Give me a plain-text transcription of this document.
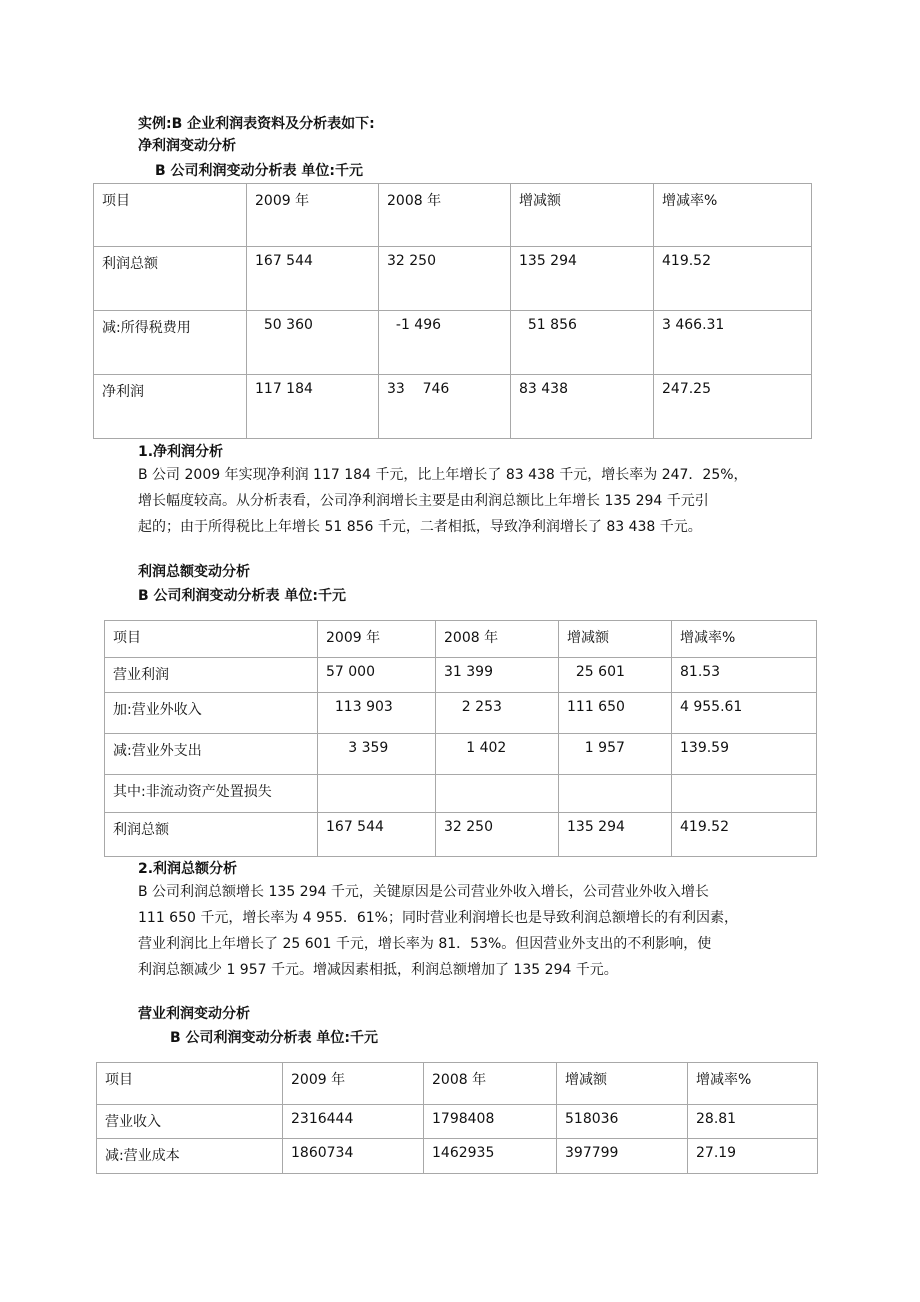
实例:B 企业利润表资料及分析表如下:
净利润变动分析
B 公司利润变动分析表 单位:千元
项目	2009 年	2008 年	增减额	增减率%
利润总额	167 544	32 250	135 294	419.52
减:所得税费用	50 360	-1 496	51 856	3 466.31
净利润	117 184	33    746	83 438	247.25
1.净利润分析
B 公司 2009 年实现净利润 117 184 千元，比上年增长了 83 438 千元，增长率为 247．25%，
增长幅度较高。从分析表看，公司净利润增长主要是由利润总额比上年增长 135 294 千元引
起的；由于所得税比上年增长 51 856 千元，二者相抵，导致净利润增长了 83 438 千元。
利润总额变动分析
B 公司利润变动分析表 单位:千元
项目	2009 年	2008 年	增减额	增减率%
营业利润	57 000	31 399	25 601	81.53
加:营业外收入	113 903	2 253	111 650	4 955.61
减:营业外支出	3 359	1 402	1 957	139.59
其中:非流动资产处置损失				
利润总额	167 544	32 250	135 294	419.52
2.利润总额分析
B 公司利润总额增长 135 294 千元，关键原因是公司营业外收入增长，公司营业外收入增长
111 650 千元，增长率为 4 955．61%；同时营业利润增长也是导致利润总额增长的有利因素，
营业利润比上年增长了 25 601 千元，增长率为 81．53%。但因营业外支出的不利影响，使
利润总额减少 1 957 千元。增减因素相抵，利润总额增加了 135 294 千元。
营业利润变动分析
B 公司利润变动分析表 单位:千元
项目	2009 年	2008 年	增减额	增减率%
营业收入	2316444	1798408	518036	28.81
减:营业成本	1860734	1462935	397799	27.19
